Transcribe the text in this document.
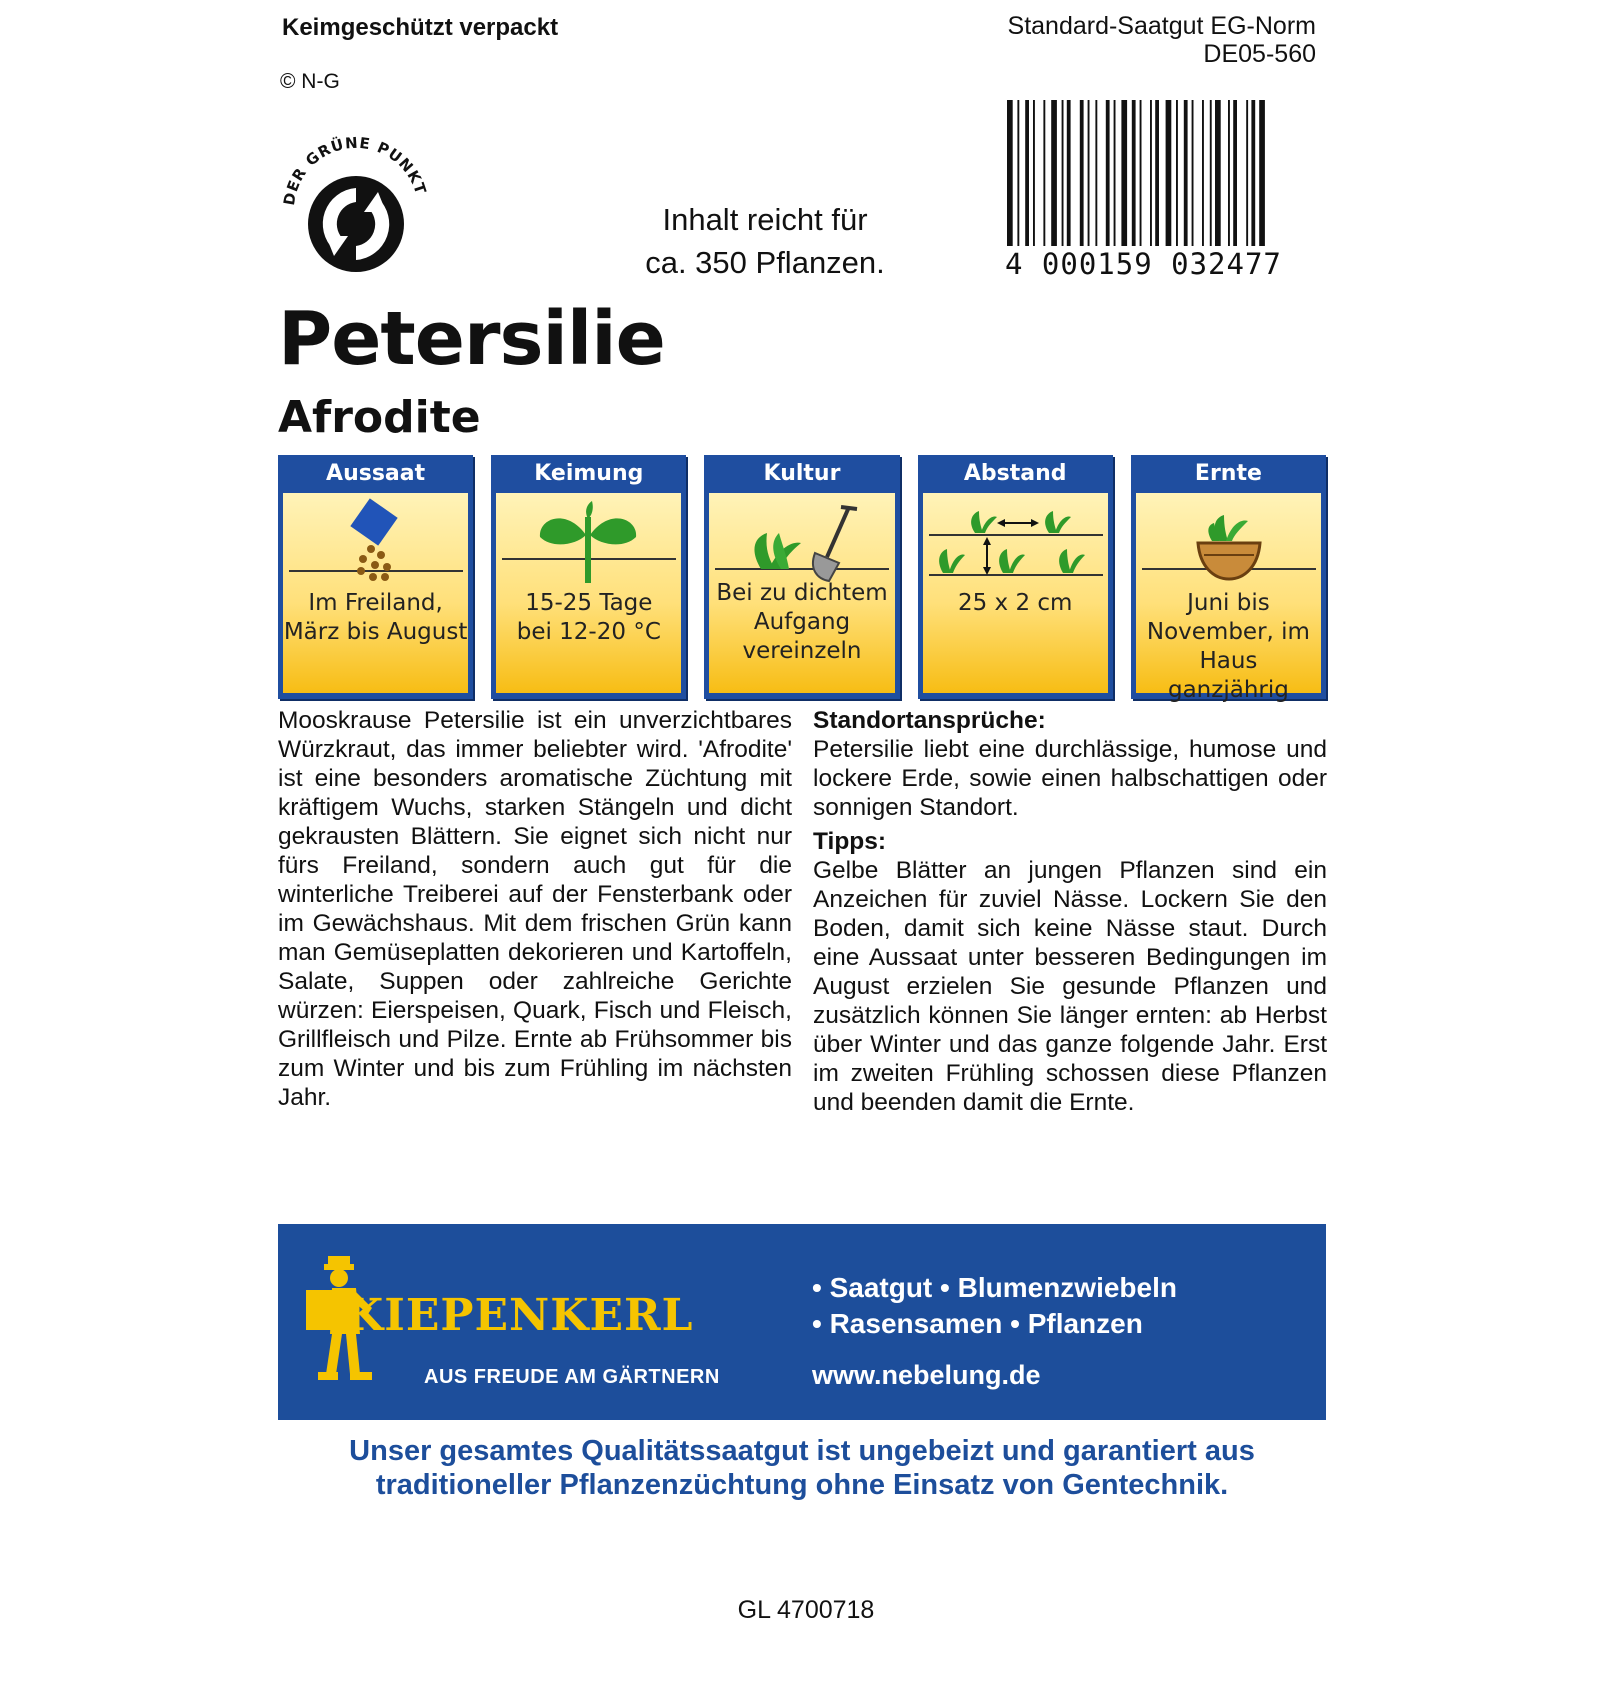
Keimgeschützt verpackt
© N-G
Standard-Saatgut EG-Norm
DE05-560
DER GRÜNE PUNKT
Inhalt reicht für
ca. 350 Pflanzen.	4 000159 032477
Petersilie
Afrodite
Aussaat
Im Freiland,
März bis August
Keimung
15-25 Tage
bei 12-20 °C
Kultur
Bei zu dichtem
Aufgang
vereinzeln
Abstand
25 x 2 cm
Ernte
Juni bis
November, im
Haus ganzjährig

Mooskrause Petersilie ist ein unverzichtbares Würzkraut, das immer beliebter wird. 'Afrodite' ist eine besonders aromatische Züchtung mit kräftigem Wuchs, starken Stängeln und dicht gekrausten Blättern. Sie eignet sich nicht nur fürs Freiland, sondern auch gut für die winterliche Treiberei auf der Fensterbank oder im Gewächshaus. Mit dem frischen Grün kann man Gemüseplatten dekorieren und Kartoffeln, Salate, Suppen oder zahlreiche Gerichte würzen: Eierspeisen, Quark, Fisch und Fleisch, Grillfleisch und Pilze. Ernte ab Frühsommer bis zum Winter und bis zum Frühling im nächsten Jahr.

Standortansprüche:

Petersilie liebt eine durchlässige, humose und lockere Erde, sowie einen halbschattigen oder sonnigen Standort.

Tipps:

Gelbe Blätter an jungen Pflanzen sind ein Anzeichen für zuviel Nässe. Lockern Sie den Boden, damit sich keine Nässe staut. Durch eine Aussaat unter besseren Bedingungen im August erzielen Sie gesunde Pflanzen und zusätzlich können Sie länger ernten: ab Herbst über Winter und das ganze folgende Jahr. Erst im zweiten Frühling schossen diese Pflanzen und beenden damit die Ernte.

KIEPENKERL
AUS FREUDE AM GÄRTNERN
• Saatgut • Blumenzwiebeln
• Rasensamen • Pflanzen
www.nebelung.de
Unser gesamtes Qualitätssaatgut ist ungebeizt und garantiert aus
traditioneller Pflanzenzüchtung ohne Einsatz von Gentechnik.
GL 4700718
